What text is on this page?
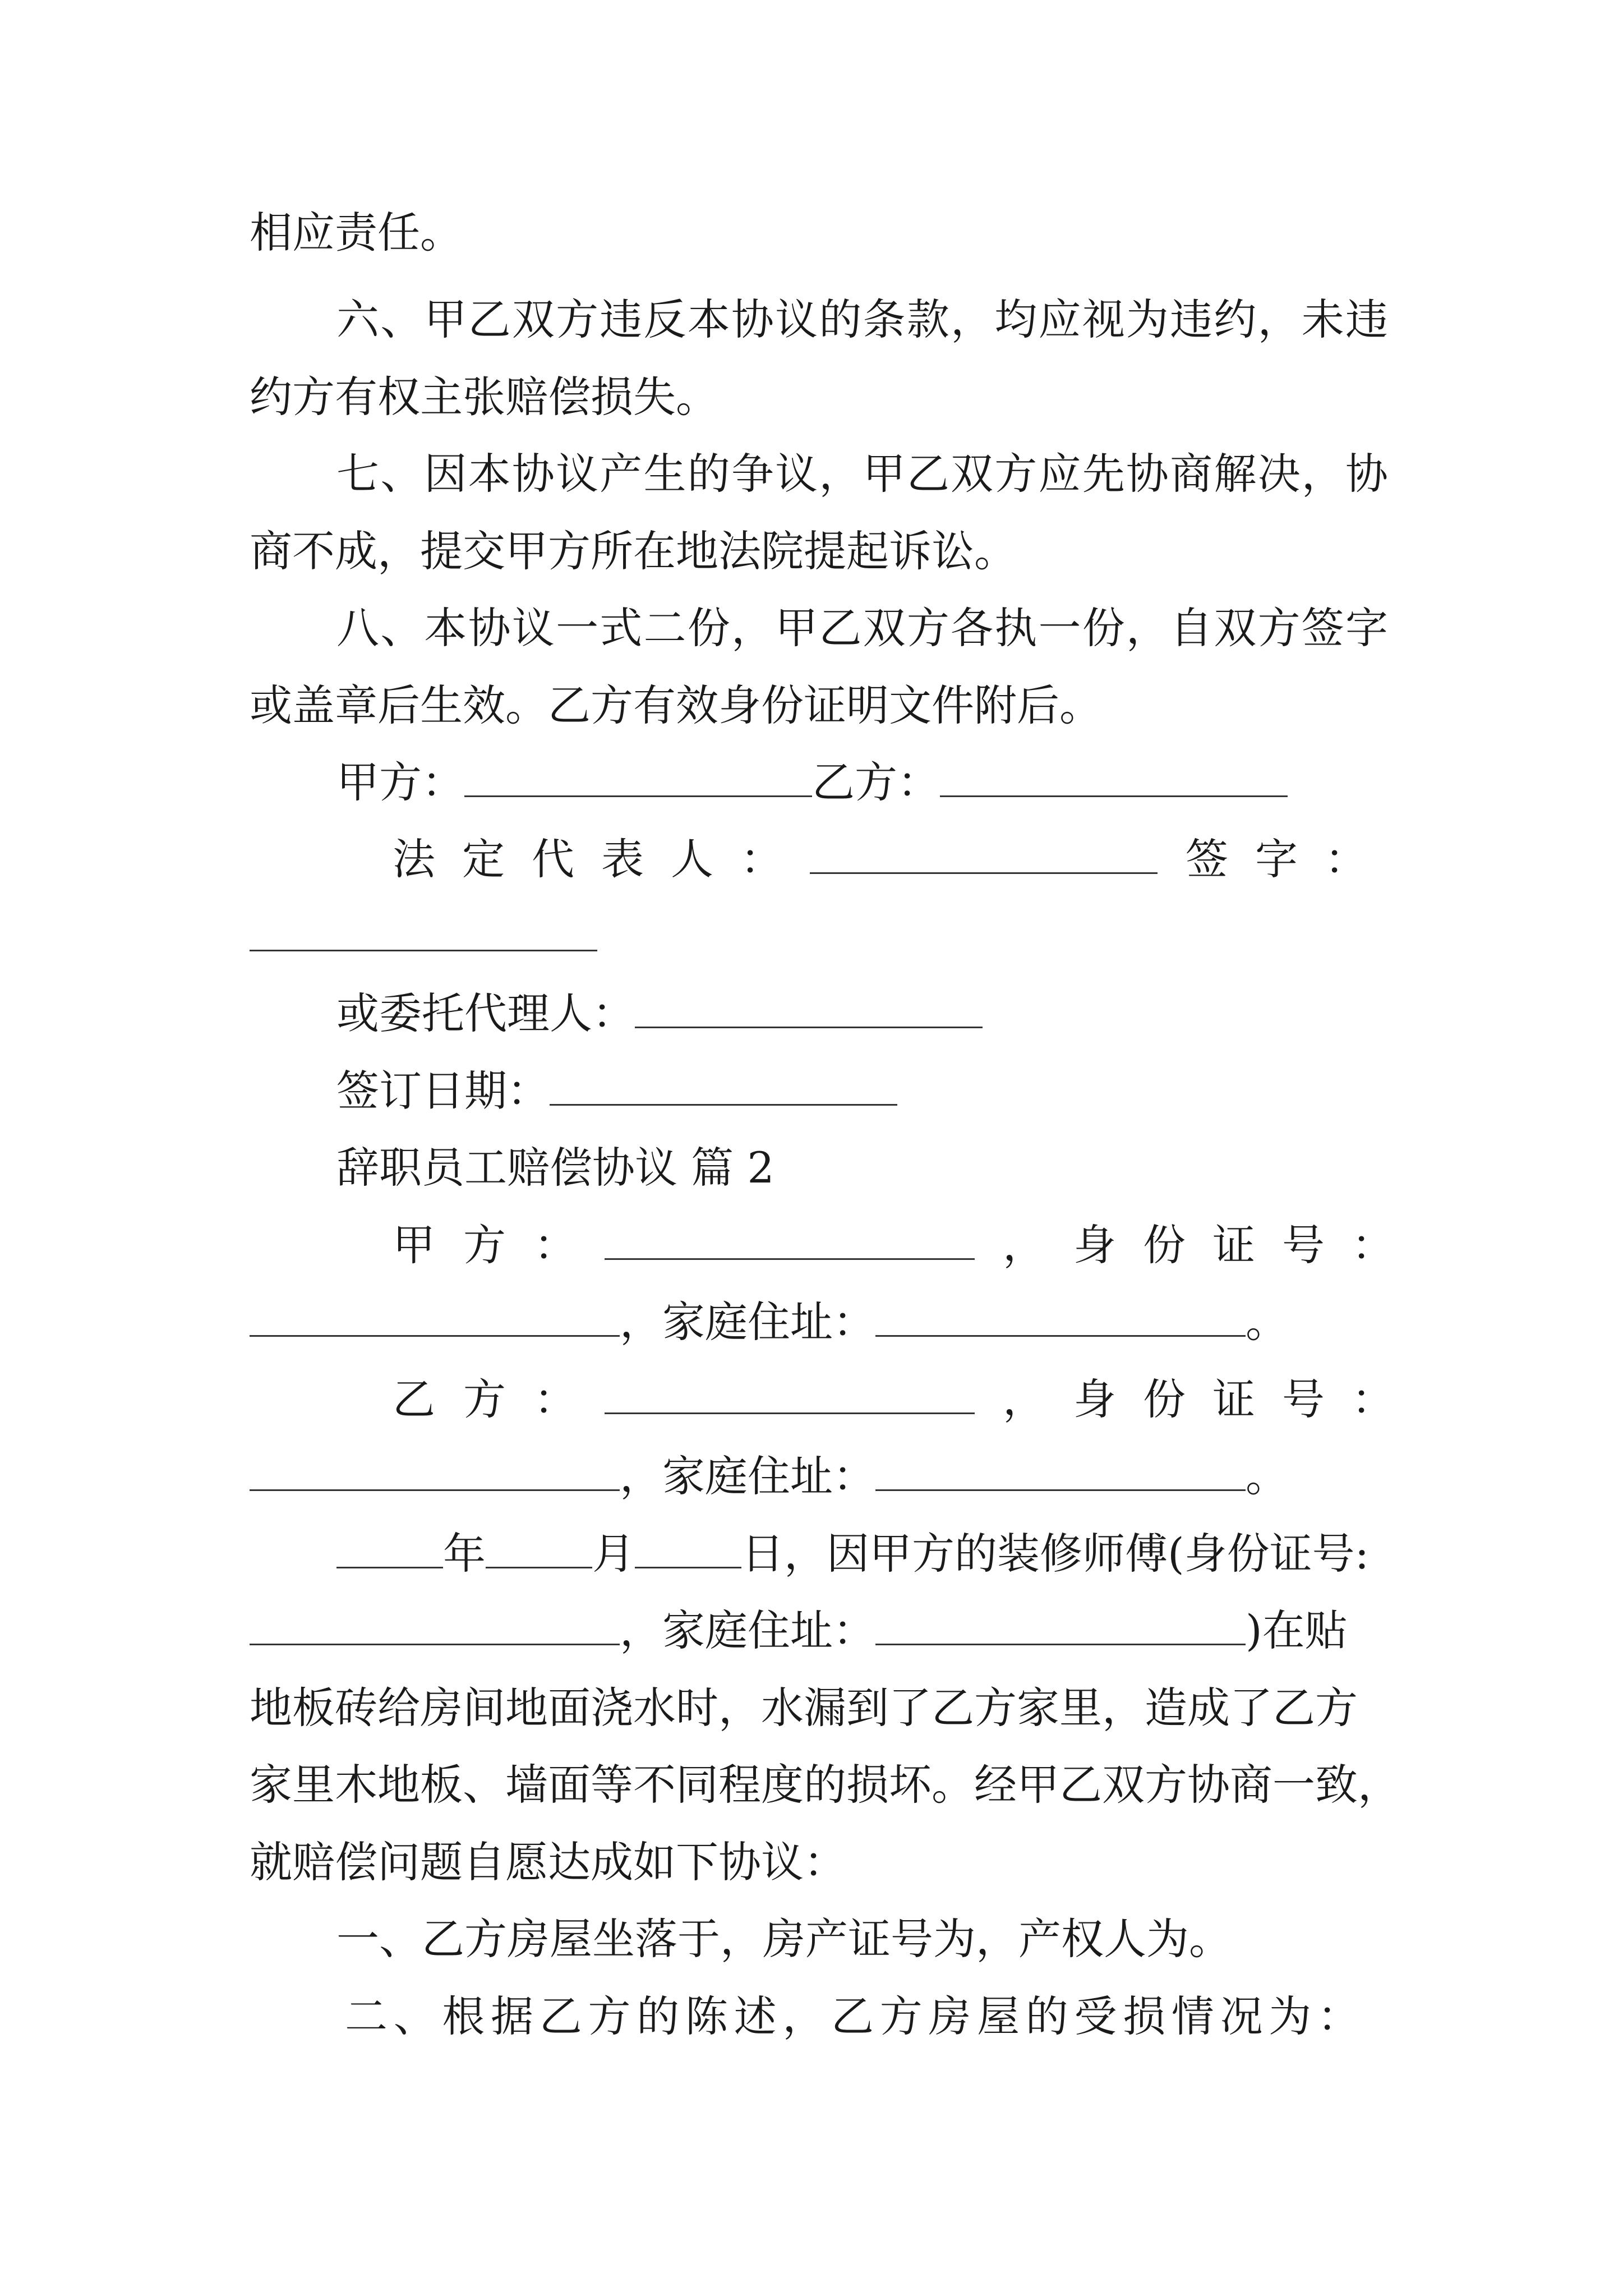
相应责任。
六、甲乙双方违反本协议的条款，均应视为违约，未违
约方有权主张赔偿损失。
七、因本协议产生的争议，甲乙双方应先协商解决，协
商不成，提交甲方所在地法院提起诉讼。
八、本协议一式二份，甲乙双方各执一份，自双方签字
或盖章后生效。乙方有效身份证明文件附后。
甲方：	乙方：
法定代表人：	签字：
或委托代理人：
签订日期：
辞职员工赔偿协议 篇 2
甲方：	， 身份证号：
，家庭住址：	。
乙方：	， 身份证号：
，家庭住址：	。
年	月	日，因甲方的装修师傅(身份证号:
，家庭住址：	)在贴
地板砖给房间地面浇水时，水漏到了乙方家里，造成了乙方
家里木地板、墙面等不同程度的损坏。经甲乙双方协商一致，
就赔偿问题自愿达成如下协议：
一、乙方房屋坐落于，房产证号为，产权人为。
二、根据乙方的陈述，乙方房屋的受损情况为：
